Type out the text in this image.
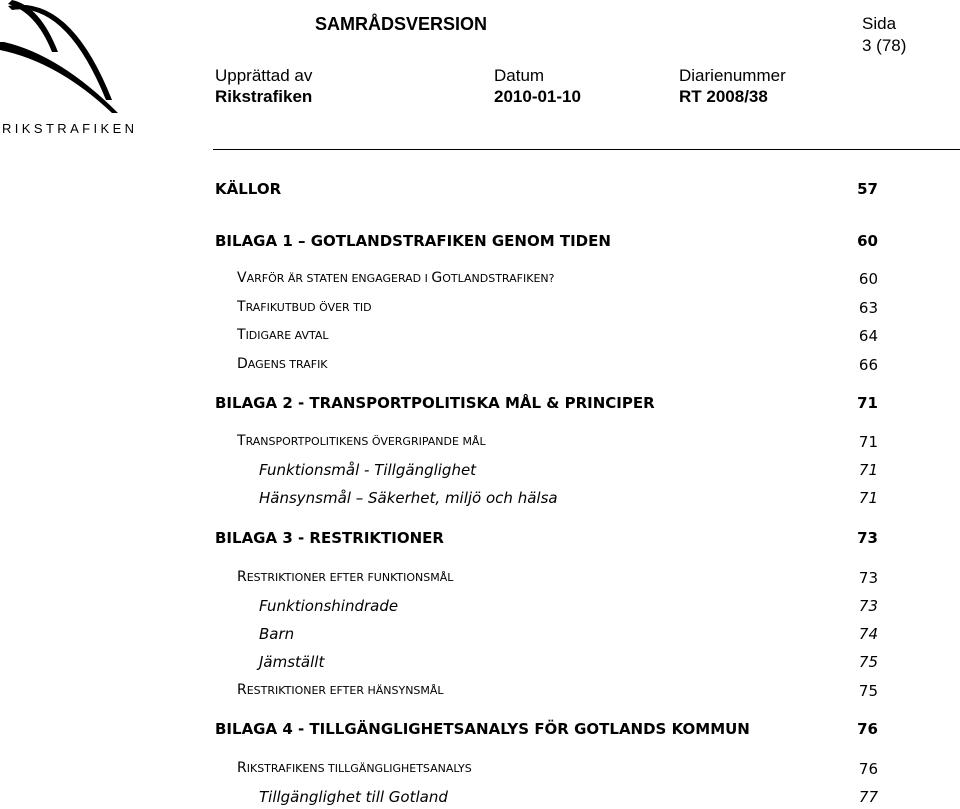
RIKSTRAFIKEN
SAMRÅDSVERSION	Sida
3 (78)
Upprättad av
Rikstrafiken
Datum
2010-01-10
Diarienummer
RT 2008/38
KÄLLOR	57
BILAGA 1 – GOTLANDSTRAFIKEN GENOM TIDEN	60
VARFÖR ÄR STATEN ENGAGERAD I GOTLANDSTRAFIKEN?	60
TRAFIKUTBUD ÖVER TID	63
TIDIGARE AVTAL	64
DAGENS TRAFIK	66
BILAGA 2 - TRANSPORTPOLITISKA MÅL & PRINCIPER	71
TRANSPORTPOLITIKENS ÖVERGRIPANDE MÅL	71
Funktionsmål - Tillgänglighet	71
Hänsynsmål – Säkerhet, miljö och hälsa	71
BILAGA 3 - RESTRIKTIONER	73
RESTRIKTIONER EFTER FUNKTIONSMÅL	73
Funktionshindrade	73
Barn	74
Jämställt	75
RESTRIKTIONER EFTER HÄNSYNSMÅL	75
BILAGA 4 - TILLGÄNGLIGHETSANALYS FÖR GOTLANDS KOMMUN	76
RIKSTRAFIKENS TILLGÄNGLIGHETSANALYS	76
Tillgänglighet till Gotland	77
